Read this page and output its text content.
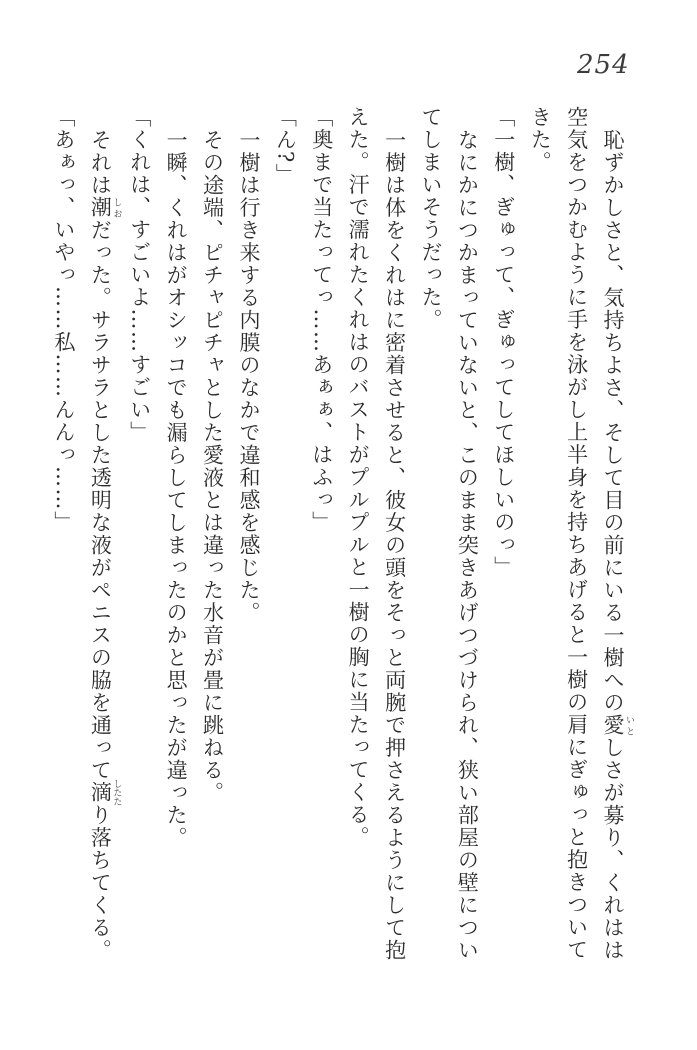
254

恥ずかしさと、気持ちよさ、そして目の前にいる一樹への愛 いとしさが募り、くれはは

空気をつかむように手を泳がし上半身を持ちあげると一樹の肩にぎゅっと抱きついて

きた。

「一樹、ぎゅって、ぎゅってしてほしいのっ」

なにかにつかまっていないと、このまま突きあげつづけられ、狭い部屋の壁につい

てしまいそうだった。

一樹は体をくれはに密着させると、彼女の頭をそっと両腕で押さえるようにして抱

えた。汗で濡れたくれはのバストがプルプルと一樹の胸に当たってくる。

「奥まで当たってっ……あぁぁ、はふっ」

「ん?」

一樹は行き来する内膜のなかで違和感を感じた。

その途端、ピチャピチャとした愛液とは違った水音が畳に跳ねる。

一瞬、くれはがオシッコでも漏らしてしまったのかと思ったが違った。

「くれは、すごいよ……すごい」

それは潮 しおだった。サラサラとした透明な液がペニスの脇を通って滴 したたり落ちてくる。

「あぁっ、いやっ……私……んんっ……」
